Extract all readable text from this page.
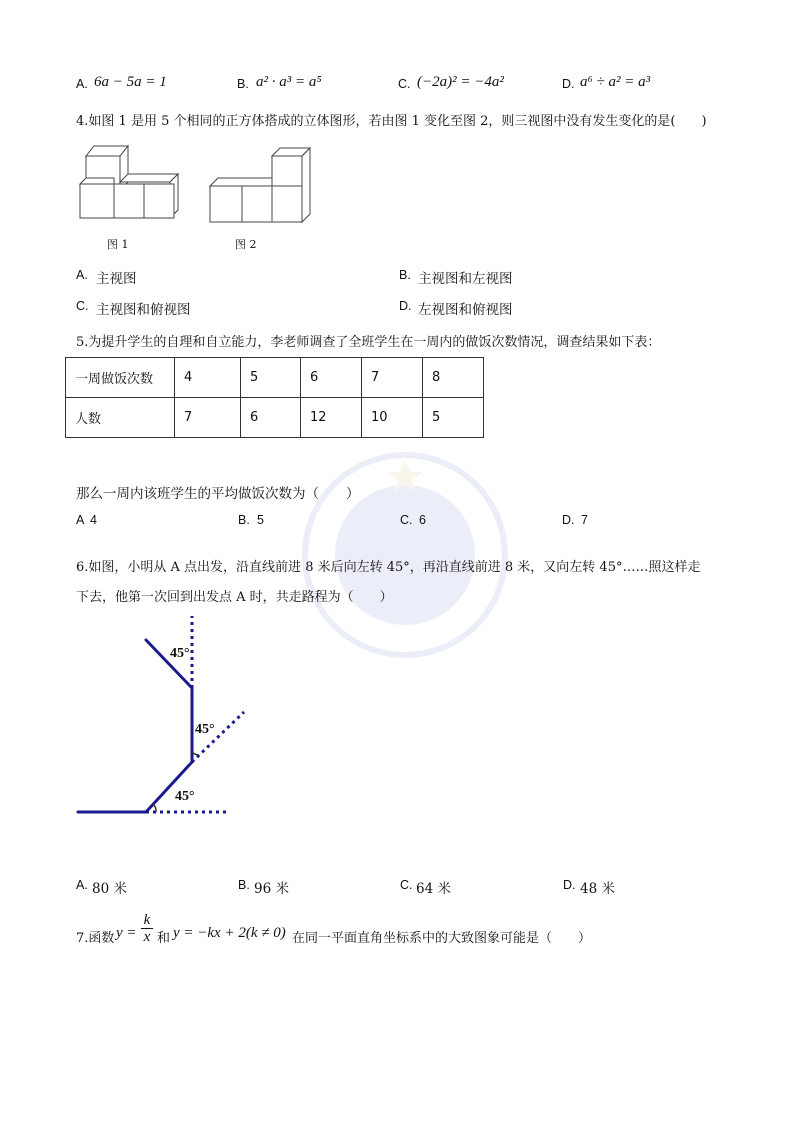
A. 6a − 5a = 1	B. a² · a³ = a⁵	C. (−2a)² = −4a²	D. a⁶ ÷ a² = a³
4.如图 1 是用 5 个相同的正方体搭成的立体图形，若由图 1 变化至图 2，则三视图中没有发生变化的是(　　)
图 1	图 2
A. 主视图	B. 主视图和左视图
C. 主视图和俯视图	D. 左视图和俯视图
5.为提升学生的自理和自立能力，李老师调查了全班学生在一周内的做饭次数情况，调查结果如下表：
一周做饭次数	4	5	6	7	8
人数	7	6	12	10	5
那么一周内该班学生的平均做饭次数为（　　）
A 4	B. 5	C. 6	D. 7
6.如图，小明从 A 点出发，沿直线前进 8 米后向左转 45°，再沿直线前进 8 米，又向左转 45°……照这样走
下去，他第一次回到出发点 A 时，共走路程为（　　）
45°
45°
45°
A. 80 米	B. 96 米	C. 64 米	D. 48 米
7.函数 $y = \frac{k}{x}$ 和 y = −kx + 2(k ≠ 0) 在同一平面直角坐标系中的大致图象可能是（　　）
